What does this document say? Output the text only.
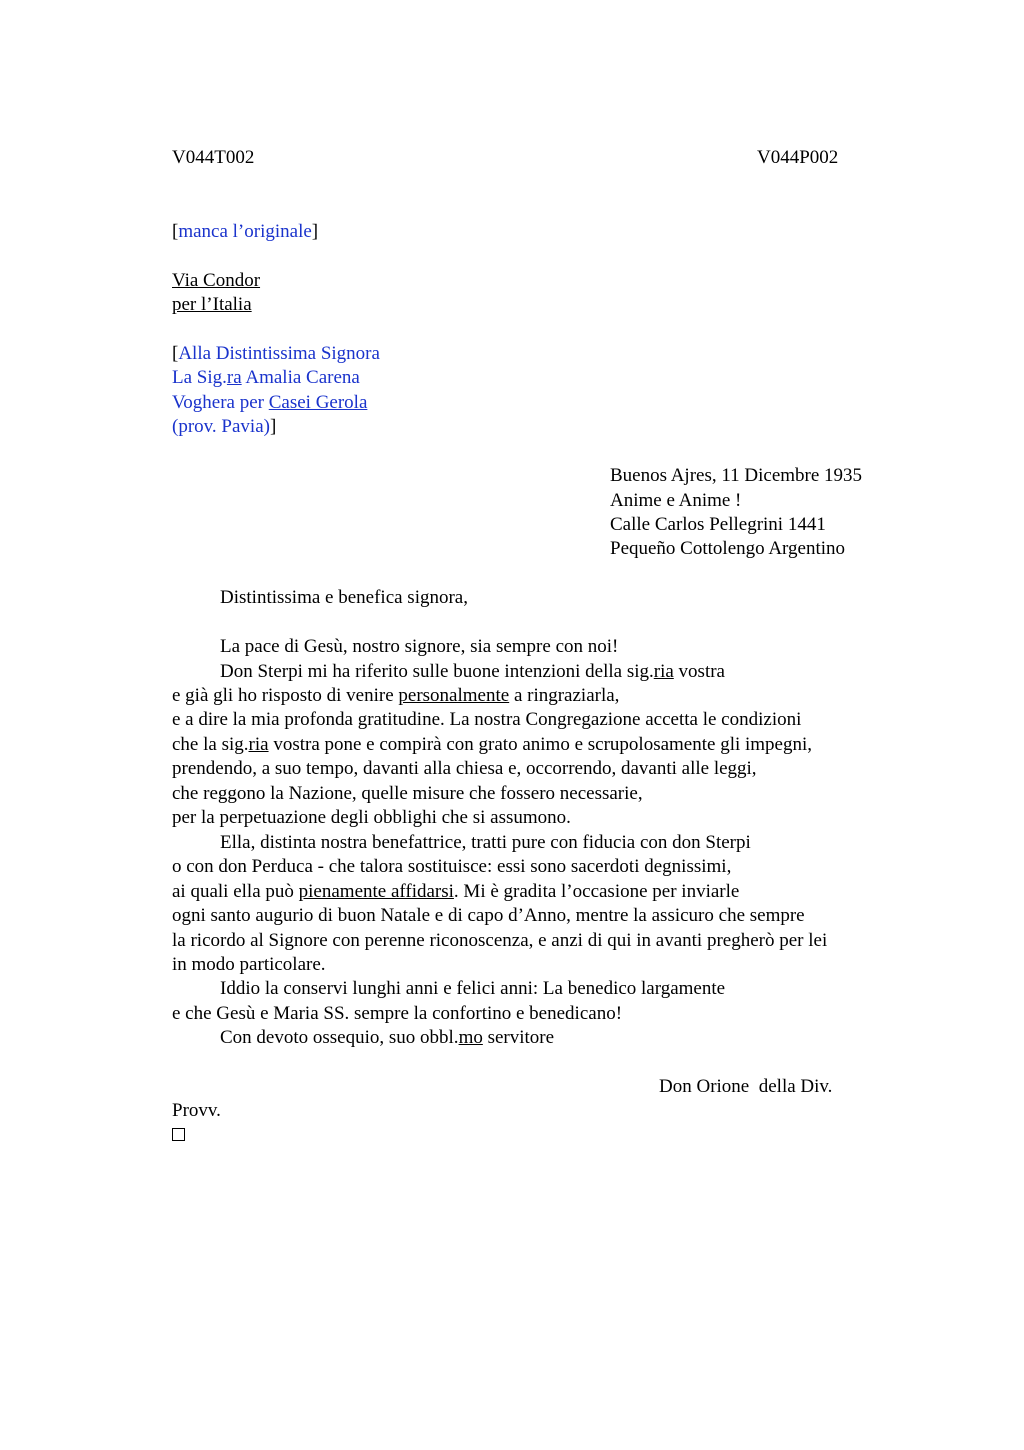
V044T002	V044P002
[manca l’originale]
Via Condor
per l’Italia
[Alla Distintissima Signora
La Sig.ra Amalia Carena
Voghera per Casei Gerola
(prov. Pavia)]
Buenos Ajres, 11 Dicembre 1935
Anime e Anime !
Calle Carlos Pellegrini 1441
Pequeño Cottolengo Argentino
Distintissima e benefica signora,
La pace di Gesù, nostro signore, sia sempre con noi!
Don Sterpi mi ha riferito sulle buone intenzioni della sig.ria vostra
e già gli ho risposto di venire personalmente a ringraziarla,
e a dire la mia profonda gratitudine. La nostra Congregazione accetta le condizioni
che la sig.ria vostra pone e compirà con grato animo e scrupolosamente gli impegni,
prendendo, a suo tempo, davanti alla chiesa e, occorrendo, davanti alle leggi,
che reggono la Nazione, quelle misure che fossero necessarie,
per la perpetuazione degli obblighi che si assumono.
Ella, distinta nostra benefattrice, tratti pure con fiducia con don Sterpi
o con don Perduca - che talora sostituisce: essi sono sacerdoti degnissimi,
ai quali ella può pienamente affidarsi. Mi è gradita l’occasione per inviarle
ogni santo augurio di buon Natale e di capo d’Anno, mentre la assicuro che sempre
la ricordo al Signore con perenne riconoscenza, e anzi di qui in avanti pregherò per lei
in modo particolare.
Iddio la conservi lunghi anni e felici anni: La benedico largamente
e che Gesù e Maria SS. sempre la confortino e benedicano!
Con devoto ossequio, suo obbl.mo servitore
Don Orione  della Div.
Provv.
